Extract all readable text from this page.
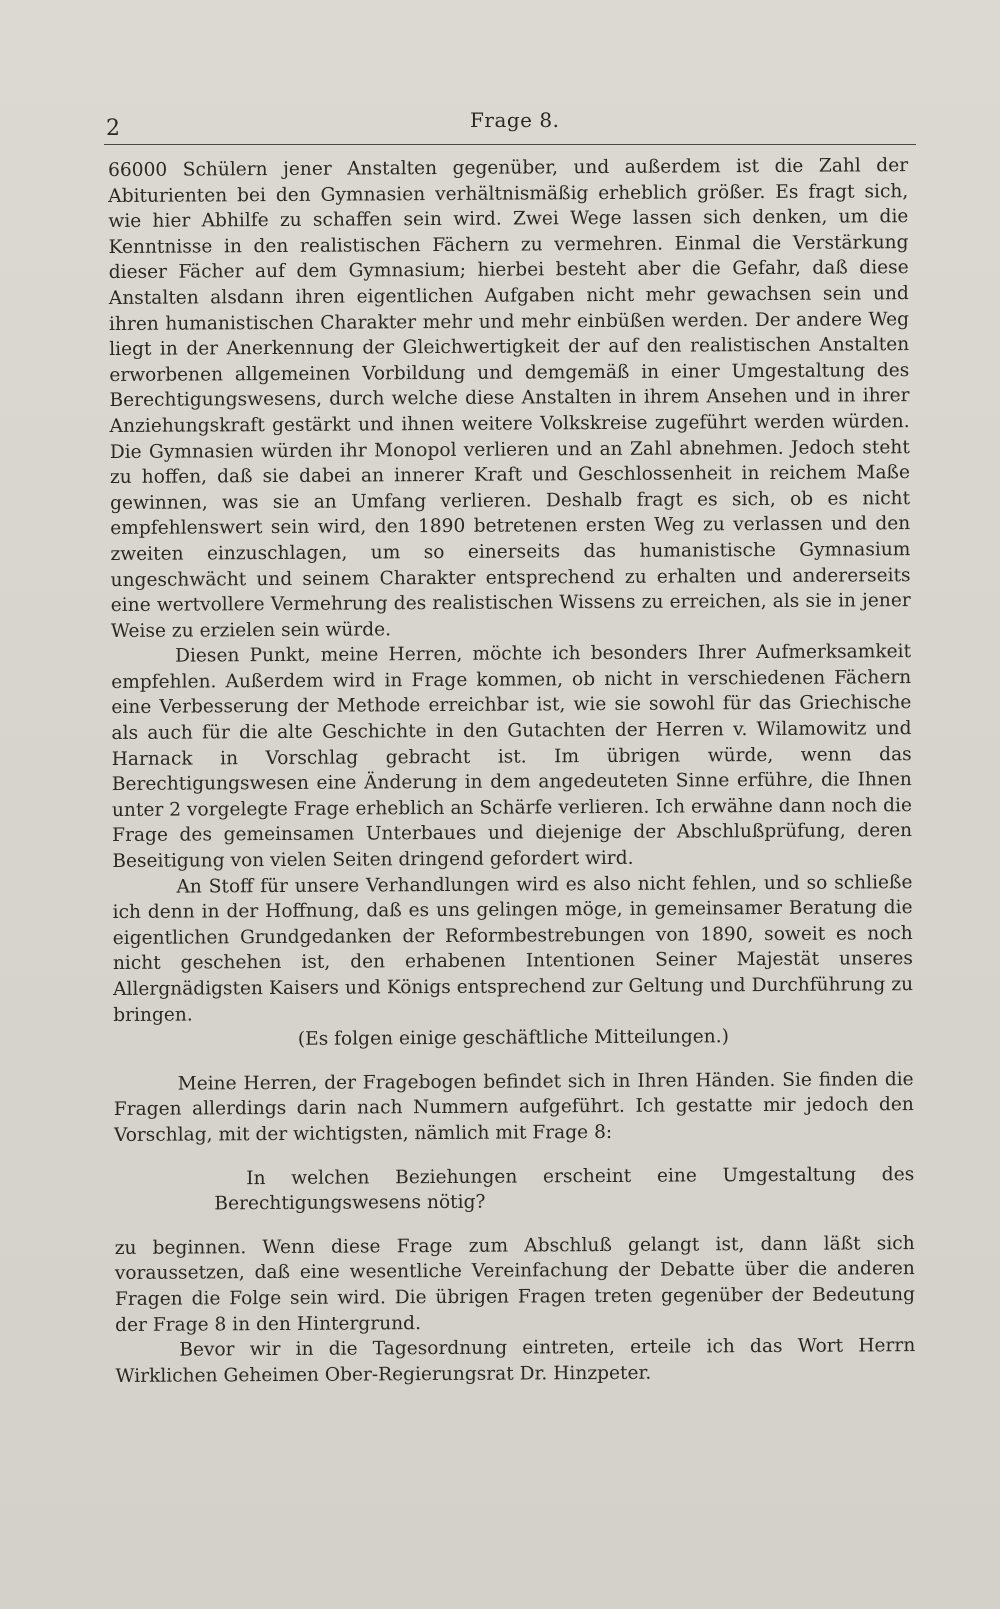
2	Frage 8.

66000 Schülern jener Anstalten gegenüber, und außerdem ist die Zahl der Abiturienten bei den Gymnasien verhältnismäßig erheblich größer. Es fragt sich, wie hier Abhilfe zu schaffen sein wird. Zwei Wege lassen sich denken, um die Kenntnisse in den realistischen Fächern zu vermehren. Einmal die Verstärkung dieser Fächer auf dem Gymnasium; hierbei besteht aber die Gefahr, daß diese Anstalten alsdann ihren eigentlichen Aufgaben nicht mehr gewachsen sein und ihren humanistischen Charakter mehr und mehr einbüßen werden. Der andere Weg liegt in der Anerkennung der Gleichwertigkeit der auf den realistischen Anstalten erworbenen allgemeinen Vorbildung und demgemäß in einer Umgestaltung des Berechtigungswesens, durch welche diese Anstalten in ihrem Ansehen und in ihrer Anziehungskraft gestärkt und ihnen weitere Volkskreise zugeführt werden würden. Die Gymnasien würden ihr Monopol verlieren und an Zahl abnehmen. Jedoch steht zu hoffen, daß sie dabei an innerer Kraft und Geschlossenheit in reichem Maße gewinnen, was sie an Umfang verlieren. Deshalb fragt es sich, ob es nicht empfehlenswert sein wird, den 1890 betretenen ersten Weg zu verlassen und den zweiten einzuschlagen, um so einerseits das humanistische Gymnasium ungeschwächt und seinem Charakter entsprechend zu erhalten und andererseits eine wertvollere Vermehrung des realistischen Wissens zu erreichen, als sie in jener Weise zu erzielen sein würde.

Diesen Punkt, meine Herren, möchte ich besonders Ihrer Aufmerksamkeit empfehlen. Außerdem wird in Frage kommen, ob nicht in verschiedenen Fächern eine Verbesserung der Methode erreichbar ist, wie sie sowohl für das Griechische als auch für die alte Geschichte in den Gutachten der Herren v. Wilamowitz und Harnack in Vorschlag gebracht ist. Im übrigen würde, wenn das Berechtigungswesen eine Änderung in dem angedeuteten Sinne erführe, die Ihnen unter 2 vorgelegte Frage erheblich an Schärfe verlieren. Ich erwähne dann noch die Frage des gemeinsamen Unterbaues und diejenige der Abschlußprüfung, deren Beseitigung von vielen Seiten dringend gefordert wird.

An Stoff für unsere Verhandlungen wird es also nicht fehlen, und so schließe ich denn in der Hoffnung, daß es uns gelingen möge, in gemeinsamer Beratung die eigentlichen Grundgedanken der Reformbestrebungen von 1890, soweit es noch nicht geschehen ist, den erhabenen Intentionen Seiner Majestät unseres Allergnädigsten Kaisers und Königs entsprechend zur Geltung und Durchführung zu bringen.

(Es folgen einige geschäftliche Mitteilungen.)

Meine Herren, der Fragebogen befindet sich in Ihren Händen. Sie finden die Fragen allerdings darin nach Nummern aufgeführt. Ich gestatte mir jedoch den Vorschlag, mit der wichtigsten, nämlich mit Frage 8:

In welchen Beziehungen erscheint eine Umgestaltung des Berechtigungswesens nötig?

zu beginnen. Wenn diese Frage zum Abschluß gelangt ist, dann läßt sich voraussetzen, daß eine wesentliche Vereinfachung der Debatte über die anderen Fragen die Folge sein wird. Die übrigen Fragen treten gegenüber der Bedeutung der Frage 8 in den Hintergrund.

Bevor wir in die Tagesordnung eintreten, erteile ich das Wort Herrn Wirklichen Geheimen Ober-Regierungsrat Dr. Hinzpeter.
